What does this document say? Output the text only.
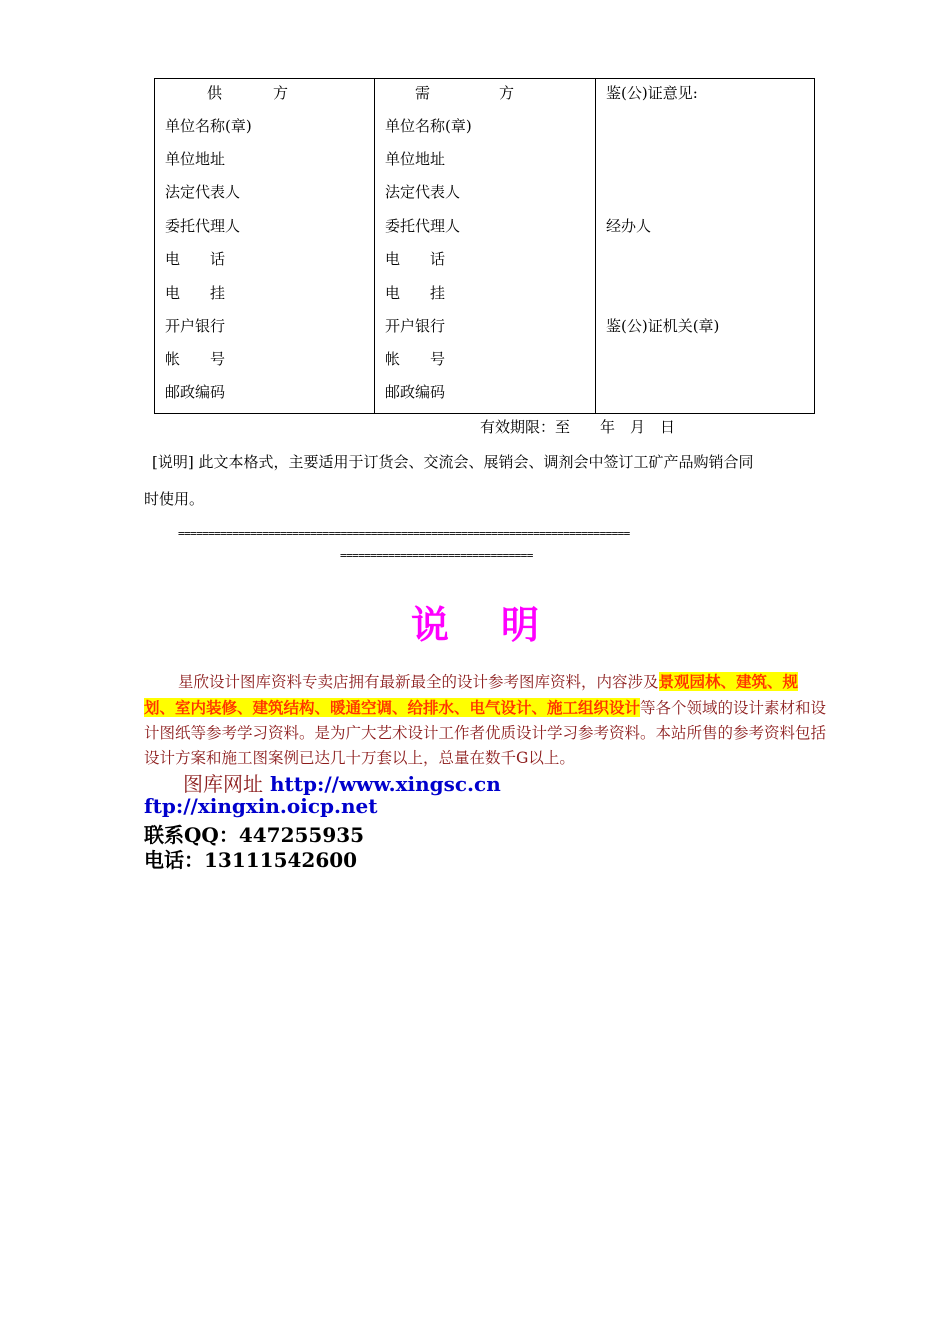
供	方
单位名称(章)
单位地址
法定代表人
委托代理人
电　　话
电　　挂
开户银行
帐　　号
邮政编码
需	方
单位名称(章)
单位地址
法定代表人
委托代理人
电　　话
电　　挂
开户银行
帐　　号
邮政编码
鉴(公)证意见:
经办人
鉴(公)证机关(章)
有效期限：至　　年　月　日
[说明] 此文本格式，主要适用于订货会、交流会、展销会、调剂会中签订工矿产品购销合同
时使用。
===========================================================================
================================
说 明
星欣设计图库资料专卖店拥有最新最全的设计参考图库资料，内容涉及景观园林、建筑、规划、室内装修、建筑结构、暖通空调、给排水、电气设计、施工组织设计等各个领域的设计素材和设计图纸等参考学习资料。是为广大艺术设计工作者优质设计学习参考资料。本站所售的参考资料包括设计方案和施工图案例已达几十万套以上，总量在数千G以上。
图库网址 http://www.xingsc.cn
ftp://xingxin.oicp.net
联系QQ：447255935
电话：13111542600
